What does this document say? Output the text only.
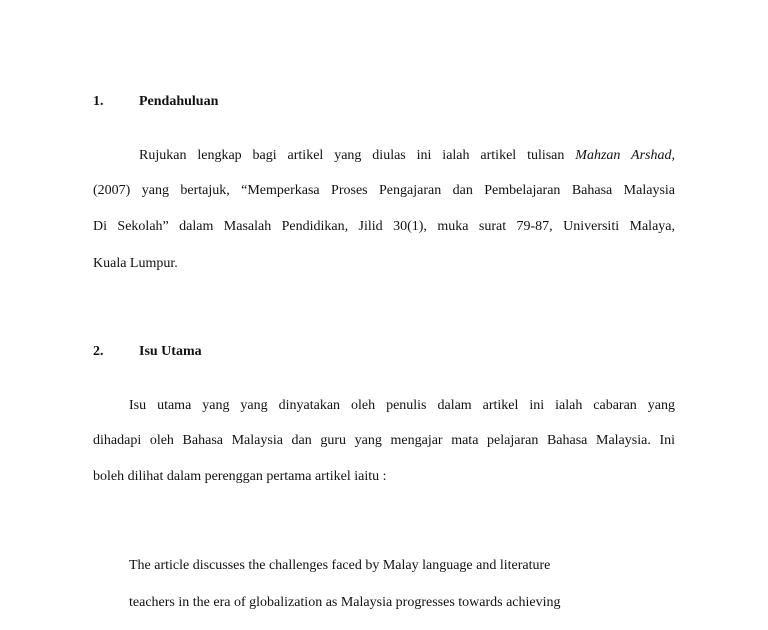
1.	Pendahuluan
Rujukan lengkap bagi artikel yang diulas ini ialah artikel tulisan Mahzan Arshad,
(2007) yang bertajuk, “Memperkasa Proses Pengajaran dan Pembelajaran Bahasa Malaysia
Di Sekolah” dalam Masalah Pendidikan, Jilid 30(1), muka surat 79-87, Universiti Malaya,
Kuala Lumpur.
2.	Isu Utama
Isu utama yang yang dinyatakan oleh penulis dalam artikel ini ialah cabaran yang
dihadapi oleh Bahasa Malaysia dan guru yang mengajar mata pelajaran Bahasa Malaysia. Ini
boleh dilihat dalam perenggan pertama artikel iaitu :
The article discusses the challenges faced by Malay language and literature
teachers in the era of globalization as Malaysia progresses towards achieving
